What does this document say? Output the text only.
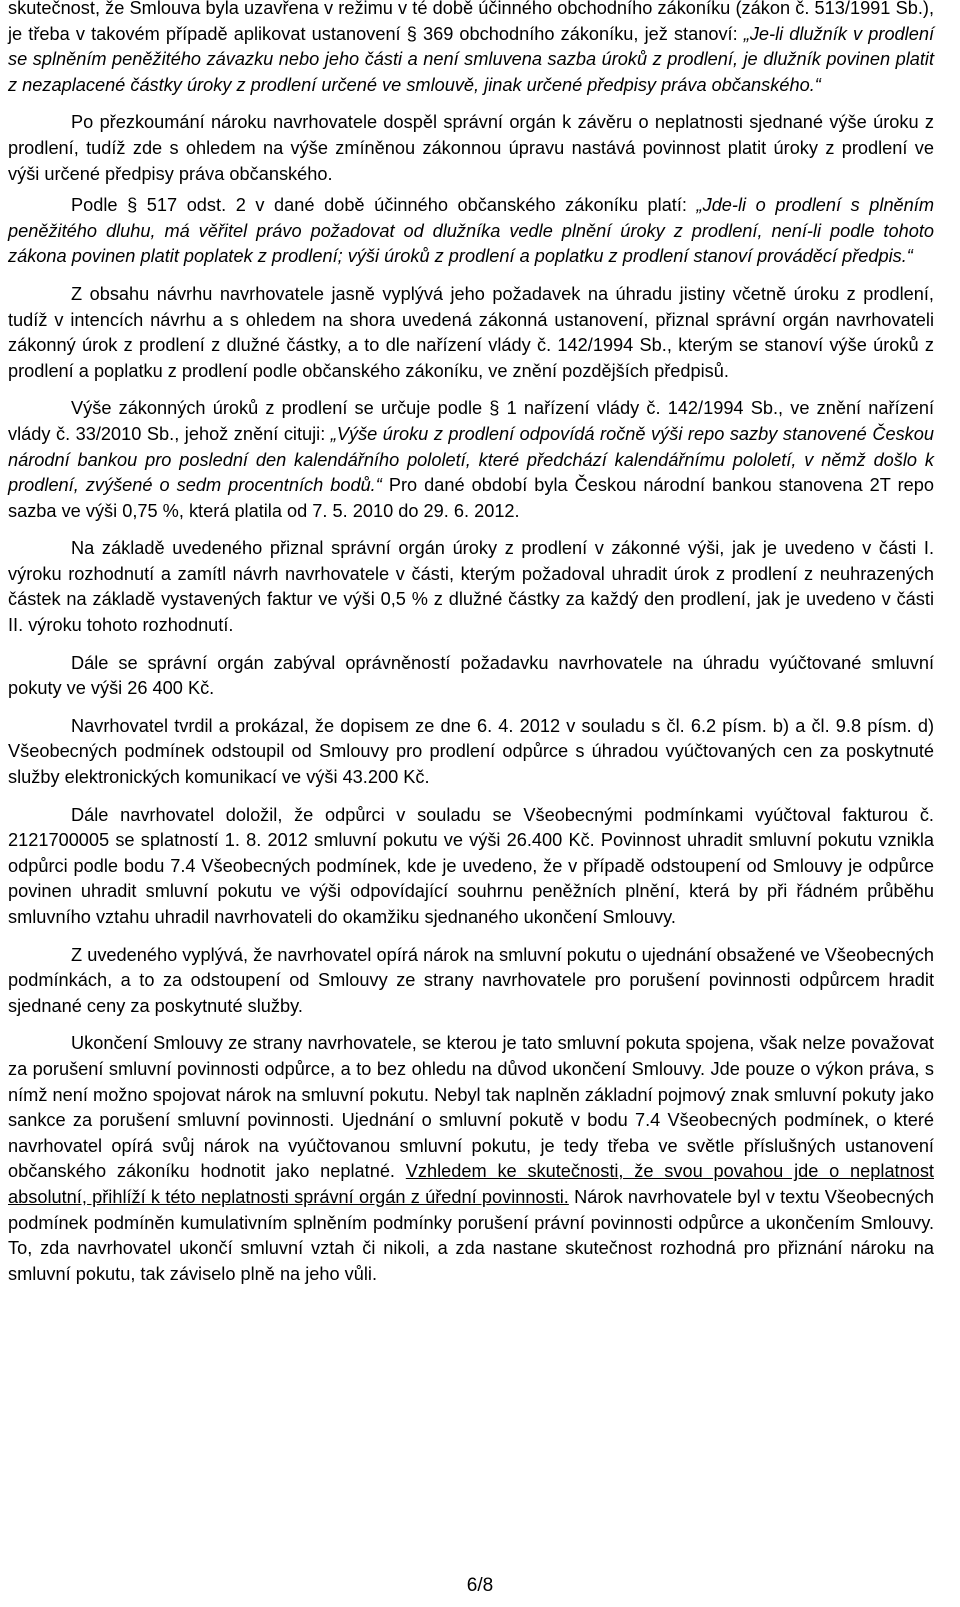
skutečnost, že Smlouva byla uzavřena v režimu v té době účinného obchodního zákoníku (zákon č. 513/1991 Sb.), je třeba v takovém případě aplikovat ustanovení § 369 obchodního zákoníku, jež stanoví: „Je-li dlužník v prodlení se splněním peněžitého závazku nebo jeho části a není smluvena sazba úroků z prodlení, je dlužník povinen platit z nezaplacené částky úroky z prodlení určené ve smlouvě, jinak určené předpisy práva občanského.“

Po přezkoumání nároku navrhovatele dospěl správní orgán k závěru o neplatnosti sjednané výše úroku z prodlení, tudíž zde s ohledem na výše zmíněnou zákonnou úpravu nastává povinnost platit úroky z prodlení ve výši určené předpisy práva občanského.

Podle § 517 odst. 2 v dané době účinného občanského zákoníku platí: „Jde-li o prodlení s plněním peněžitého dluhu, má věřitel právo požadovat od dlužníka vedle plnění úroky z prodlení, není-li podle tohoto zákona povinen platit poplatek z prodlení; výši úroků z prodlení a poplatku z prodlení stanoví prováděcí předpis.“

Z obsahu návrhu navrhovatele jasně vyplývá jeho požadavek na úhradu jistiny včetně úroku z prodlení, tudíž v intencích návrhu a s ohledem na shora uvedená zákonná ustanovení, přiznal správní orgán navrhovateli zákonný úrok z prodlení z dlužné částky, a to dle nařízení vlády č. 142/1994 Sb., kterým se stanoví výše úroků z prodlení a poplatku z prodlení podle občanského zákoníku, ve znění pozdějších předpisů.

Výše zákonných úroků z prodlení se určuje podle § 1 nařízení vlády č. 142/1994 Sb., ve znění nařízení vlády č. 33/2010 Sb., jehož znění cituji: „Výše úroku z prodlení odpovídá ročně výši repo sazby stanovené Českou národní bankou pro poslední den kalendářního pololetí, které předchází kalendářnímu pololetí, v němž došlo k prodlení, zvýšené o sedm procentních bodů.“ Pro dané období byla Českou národní bankou stanovena 2T repo sazba ve výši 0,75 %, která platila od 7. 5. 2010 do 29. 6. 2012.

Na základě uvedeného přiznal správní orgán úroky z prodlení v zákonné výši, jak je uvedeno v části I. výroku rozhodnutí a zamítl návrh navrhovatele v části, kterým požadoval uhradit úrok z prodlení z neuhrazených částek na základě vystavených faktur ve výši 0,5 % z dlužné částky za každý den prodlení, jak je uvedeno v části II. výroku tohoto rozhodnutí.

Dále se správní orgán zabýval oprávněností požadavku navrhovatele na úhradu vyúčtované smluvní pokuty ve výši 26 400 Kč.

Navrhovatel tvrdil a prokázal, že dopisem ze dne 6. 4. 2012 v souladu s čl. 6.2 písm. b) a čl. 9.8 písm. d) Všeobecných podmínek odstoupil od Smlouvy pro prodlení odpůrce s úhradou vyúčtovaných cen za poskytnuté služby elektronických komunikací ve výši 43.200 Kč.

Dále navrhovatel doložil, že odpůrci v souladu se Všeobecnými podmínkami vyúčtoval fakturou č. 2121700005 se splatností 1. 8. 2012 smluvní pokutu ve výši 26.400 Kč. Povinnost uhradit smluvní pokutu vznikla odpůrci podle bodu 7.4 Všeobecných podmínek, kde je uvedeno, že v případě odstoupení od Smlouvy je odpůrce povinen uhradit smluvní pokutu ve výši odpovídající souhrnu peněžních plnění, která by při řádném průběhu smluvního vztahu uhradil navrhovateli do okamžiku sjednaného ukončení Smlouvy.

Z uvedeného vyplývá, že navrhovatel opírá nárok na smluvní pokutu o ujednání obsažené ve Všeobecných podmínkách, a to za odstoupení od Smlouvy ze strany navrhovatele pro porušení povinnosti odpůrcem hradit sjednané ceny za poskytnuté služby.

Ukončení Smlouvy ze strany navrhovatele, se kterou je tato smluvní pokuta spojena, však nelze považovat za porušení smluvní povinnosti odpůrce, a to bez ohledu na důvod ukončení Smlouvy. Jde pouze o výkon práva, s nímž není možno spojovat nárok na smluvní pokutu. Nebyl tak naplněn základní pojmový znak smluvní pokuty jako sankce za porušení smluvní povinnosti. Ujednání o smluvní pokutě v bodu 7.4 Všeobecných podmínek, o které navrhovatel opírá svůj nárok na vyúčtovanou smluvní pokutu, je tedy třeba ve světle příslušných ustanovení občanského zákoníku hodnotit jako neplatné. Vzhledem ke skutečnosti, že svou povahou jde o neplatnost absolutní, přihlíží k této neplatnosti správní orgán z úřední povinnosti. Nárok navrhovatele byl v textu Všeobecných podmínek podmíněn kumulativním splněním podmínky porušení právní povinnosti odpůrce a ukončením Smlouvy. To, zda navrhovatel ukončí smluvní vztah či nikoli, a zda nastane skutečnost rozhodná pro přiznání nároku na smluvní pokutu, tak záviselo plně na jeho vůli.

6/8
